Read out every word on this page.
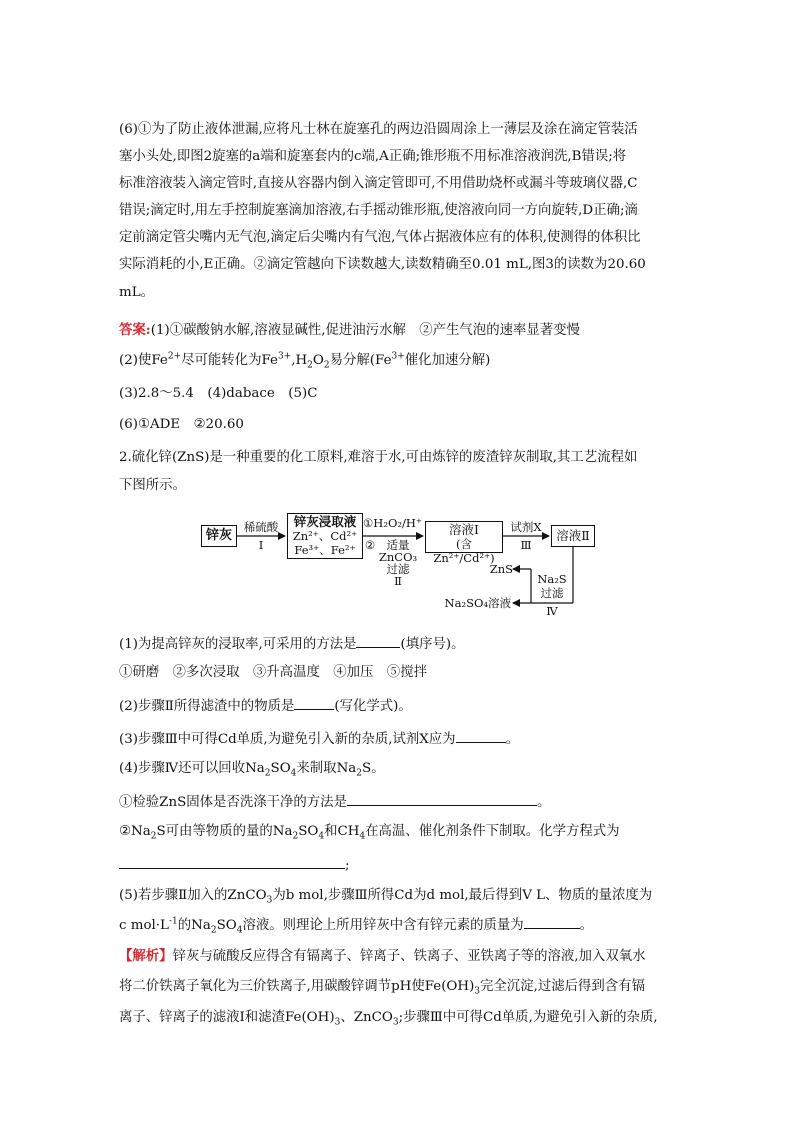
(6)①为了防止液体泄漏,应将凡士林在旋塞孔的两边沿圆周涂上一薄层及涂在滴定管装活
塞小头处,即图2旋塞的a端和旋塞套内的c端,A正确;锥形瓶不用标准溶液润洗,B错误;将
标准溶液装入滴定管时,直接从容器内倒入滴定管即可,不用借助烧杯或漏斗等玻璃仪器,C
错误;滴定时,用左手控制旋塞滴加溶液,右手摇动锥形瓶,使溶液向同一方向旋转,D正确;滴
定前滴定管尖嘴内无气泡,滴定后尖嘴内有气泡,气体占据液体应有的体积,使测得的体积比
实际消耗的小,E正确。②滴定管越向下读数越大,读数精确至0.01 mL,图3的读数为20.60
mL。
答案:(1)①碳酸钠水解,溶液显碱性,促进油污水解　②产生气泡的速率显著变慢
(2)使$Fe^{2+}$尽可能转化为$Fe^{3+},H_2O_2$易分解($Fe^{3+}$催化加速分解)
(3)2.8～5.4　(4)dabace　(5)C
(6)①ADE　②20.60
2.硫化锌(ZnS)是一种重要的化工原料,难溶于水,可由炼锌的废渣锌灰制取,其工艺流程如
下图所示。
锌灰
稀硫酸
Ⅰ
锌灰浸取液
Zn²⁺、Cd²⁺
Fe³⁺、Fe²⁺
①H₂O₂/H⁺
② 适量
ZnCO₃
过滤
Ⅱ
溶液Ⅰ
(含Zn²⁺/Cd²⁺)
试剂X
Ⅲ
溶液Ⅱ
ZnS
Na₂SO₄溶液
Na₂S
过滤
Ⅳ
(1)为提高锌灰的浸取率,可采用的方法是	(填序号)。
①研磨　②多次浸取　③升高温度　④加压　⑤搅拌
(2)步骤Ⅱ所得滤渣中的物质是	(写化学式)。
(3)步骤Ⅲ中可得Cd单质,为避免引入新的杂质,试剂X应为	。
(4)步骤Ⅳ还可以回收$Na_2SO_4$来制取$Na_2S$。
①检验ZnS固体是否洗涤干净的方法是	。
$②Na_2S$可由等物质的量的$Na_2SO_4$和$CH_4$在高温、催化剂条件下制取。化学方程式为
;
(5)若步骤Ⅱ加入的ZnCO$_3$为b mol,步骤Ⅲ所得Cd为d mol,最后得到V L、物质的量浓度为
c $mol\cdot L^{-1}$的$Na_2SO_4$溶液。则理论上所用锌灰中含有锌元素的质量为	。
【解析】锌灰与硫酸反应得含有镉离子、锌离子、铁离子、亚铁离子等的溶液,加入双氧水
将二价铁离子氧化为三价铁离子,用碳酸锌调节pH使$Fe(OH)_3$完全沉淀,过滤后得到含有镉
离子、锌离子的滤液Ⅰ和滤渣$Fe(OH)_3$、ZnCO$_3$;步骤Ⅲ中可得Cd单质,为避免引入新的杂质,
